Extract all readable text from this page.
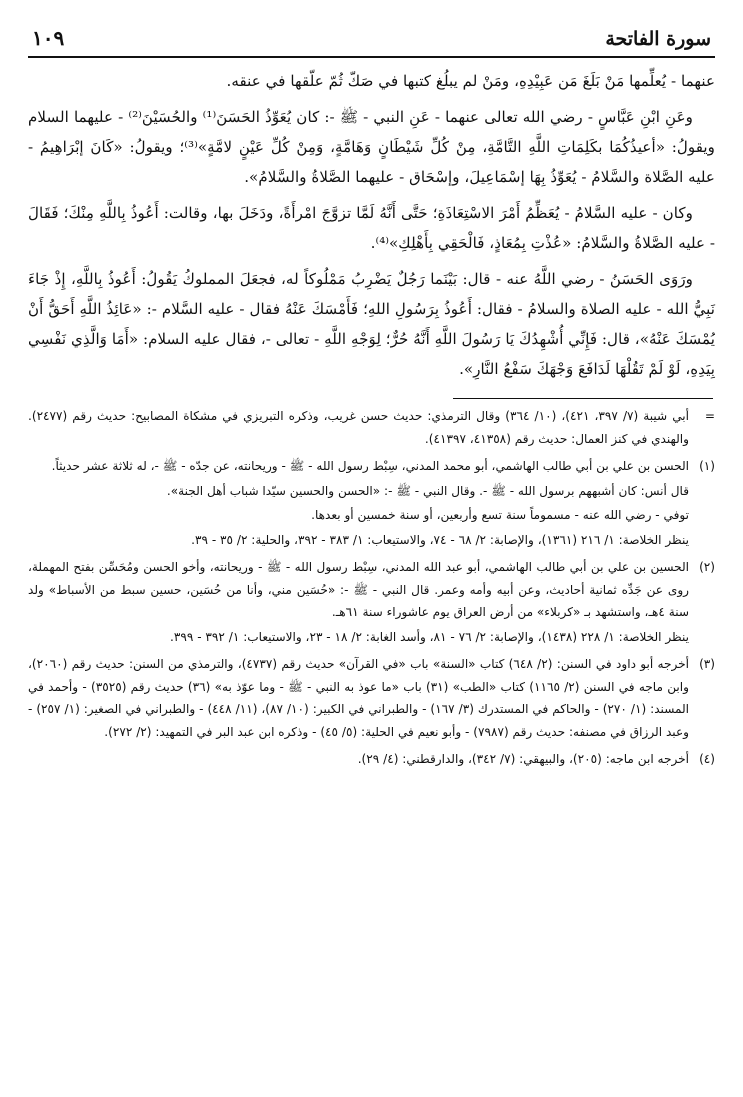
سورة الفاتحة
١٠٩

عنهما - يُعلِّمها مَنْ بَلَغَ مَن عَبِيْدِهِ، ومَنْ لم يبلُغ كتبها في صَكّ ثُمّ علّقها في عنقه.

وعَنِ ابْنِ عَبَّاسٍ - رضي الله تعالى عنهما - عَنِ النبي - ﷺ -: كان يُعَوِّذُ الحَسَنَ⁽¹⁾ والحُسَيْنَ⁽²⁾ - عليهما السلام ويقولُ: «أعيذُكُمَا بكَلِمَاتِ اللَّهِ التَّامَّةِ، مِنْ كُلِّ شَيْطَانٍ وَهَامَّةٍ، وَمِنْ كُلِّ عَيْنٍ لامَّةٍ»⁽³⁾؛ ويقولُ: «كَانَ إبْرَاهِيمُ - عليه الصَّلاة والسَّلامُ - يُعَوِّذُ بِهَا إسْمَاعِيلَ، وإسْحَاق - عليهما الصَّلاةُ والسَّلامُ».

وكان - عليه السَّلامُ - يُعَظِّمُ أَمْرَ الاسْتِعَاذَةِ؛ حَتَّى أَنَّهُ لَمَّا تزوَّجَ امْرأَةً، ودَخَلَ بها، وقالت: أَعُوذُ بِاللَّهِ مِنْكَ؛ فَقَالَ - عليه الصَّلاةُ والسَّلامُ: «عُذْتِ بِمُعَاذٍ، فَالْحَقِي بِأَهْلِكِ»⁽⁴⁾.

ورَوَى الحَسَنُ - رضي اللَّهُ عنه - قال: بَيْنَما رَجُلٌ يَضْرِبُ مَمْلُوكاً له، فجعَلَ المملوكُ يَقُولُ: أَعُوذُ بِاللَّهِ، إِذْ جَاءَ نَبِيُّ الله - عليه الصلاة والسلامُ - فقال: أَعُوذُ بِرَسُولِ اللهِ؛ فَأَمْسَكَ عَنْهُ فقال - عليه السَّلام -: «عَائِذُ اللَّهِ أَحَقُّ أَنْ يُمْسَكَ عَنْهُ»، قال: فَإِنِّي أُشْهِدُكَ يَا رَسُولَ اللَّهِ أَنَّهُ حُرٌّ؛ لِوَجْهِ اللَّهِ - تعالى -، فقال عليه السلام: «أَمَا وَالَّذِي نَفْسِي بِيَدِهِ، لَوْ لَمْ تَقُلْهَا لَدَافَعَ وَجْهَكَ سَفْعُ النَّارِ».

=

أبي شيبة (٧/ ٣٩٧، ٤٢١)، (١٠/ ٣٦٤) وقال الترمذي: حديث حسن غريب، وذكره التبريزي في مشكاة المصابيح: حديث رقم (٢٤٧٧). والهندي في كنز العمال: حديث رقم (٤١٣٥٨، ٤١٣٩٧).

(١)

الحسن بن علي بن أبي طالب الهاشمي، أبو محمد المدني، سِبْط رسول الله - ﷺ - وريحانته، عن جدّه - ﷺ -، له ثلاثة عشر حديثاً.

قال أنس: كان أشبههم برسول الله - ﷺ -. وقال النبي - ﷺ -: «الحسن والحسين سيّدا شباب أهل الجنة».

توفي - رضي الله عنه - مسموماً سنة تسع وأربعين، أو سنة خمسين أو بعدها.

ينظر الخلاصة: ١/ ٢١٦ (١٣٦١)، والإصابة: ٢/ ٦٨ - ٧٤، والاستيعاب: ١/ ٣٨٣ - ٣٩٢، والحلية: ٢/ ٣٥ - ٣٩.

(٢)

الحسين بن علي بن أبي طالب الهاشمي، أبو عبد الله المدني، سِبْط رسول الله - ﷺ - وريحانته، وأخو الحسن ومُحَسِّن بفتح المهملة، روى عن جَدِّه ثمانية أحاديث، وعن أبيه وأمه وعمر. قال النبي - ﷺ -: «حُسَين مني، وأنا من حُسَين، حسين سبط من الأسباط» ولد سنة ٤هـ، واستشهد بـ «كربلاء» من أرض العراق يوم عاشوراء سنة ٦١هـ.

ينظر الخلاصة: ١/ ٢٢٨ (١٤٣٨)، والإصابة: ٢/ ٧٦ - ٨١، وأسد الغابة: ٢/ ١٨ - ٢٣، والاستيعاب: ١/ ٣٩٢ - ٣٩٩.

(٣)

أخرجه أبو داود في السنن: (٢/ ٦٤٨) كتاب «السنة» باب «في القرآن» حديث رقم (٤٧٣٧)، والترمذي من السنن: حديث رقم (٢٠٦٠)، وابن ماجه في السنن (٢/ ١١٦٥) كتاب «الطب» (٣١) باب «ما عوذ به النبي - ﷺ - وما عوّذ به» (٣٦) حديث رقم (٣٥٢٥) - وأحمد في المسند: (١/ ٢٧٠) - والحاكم في المستدرك (٣/ ١٦٧) - والطبراني في الكبير: (١٠/ ٨٧)، (١١/ ٤٤٨) - والطبراني في الصغير: (١/ ٢٥٧) - وعبد الرزاق في مصنفه: حديث رقم (٧٩٨٧) - وأبو نعيم في الحلية: (٥/ ٤٥) - وذكره ابن عبد البر في التمهيد: (٢/ ٢٧٢).

(٤)

أخرجه ابن ماجه: (٢٠٥)، والبيهقي: (٧/ ٣٤٢)، والدارقطني: (٤/ ٢٩).
